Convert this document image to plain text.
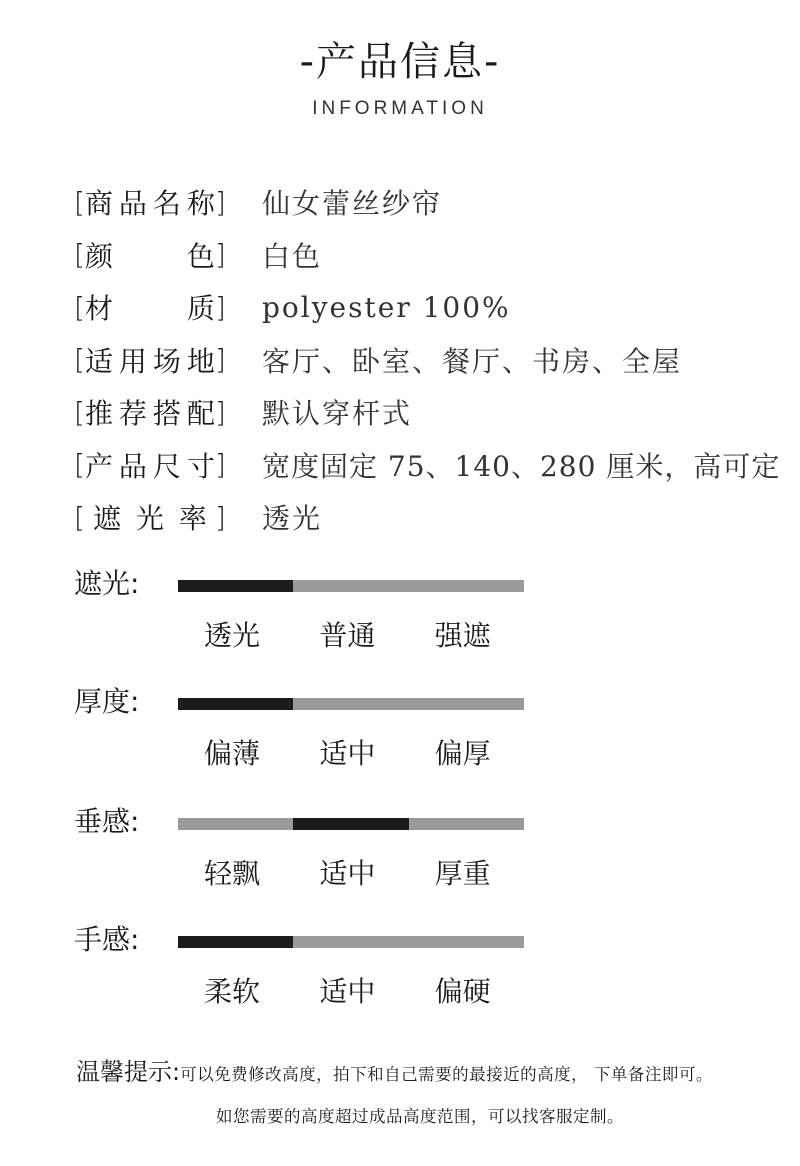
-产品信息-
INFORMATION
[ 商品名称 ] 仙女蕾丝纱帘
[ 颜色 ] 白色
[ 材质 ] polyester 100%
[ 适用场地 ] 客厅、卧室、餐厅、书房、全屋
[ 推荐搭配 ] 默认穿杆式
[ 产品尺寸 ] 宽度固定 75、140、280 厘米，高可定
[ 遮光率 ] 透光
遮光:
透光	普通	强遮
厚度:
偏薄	适中	偏厚
垂感:
轻飘	适中	厚重
手感:
柔软	适中	偏硬
温馨提示:可以免费修改高度，拍下和自己需要的最接近的高度， 下单备注即可。
如您需要的高度超过成品高度范围，可以找客服定制。
